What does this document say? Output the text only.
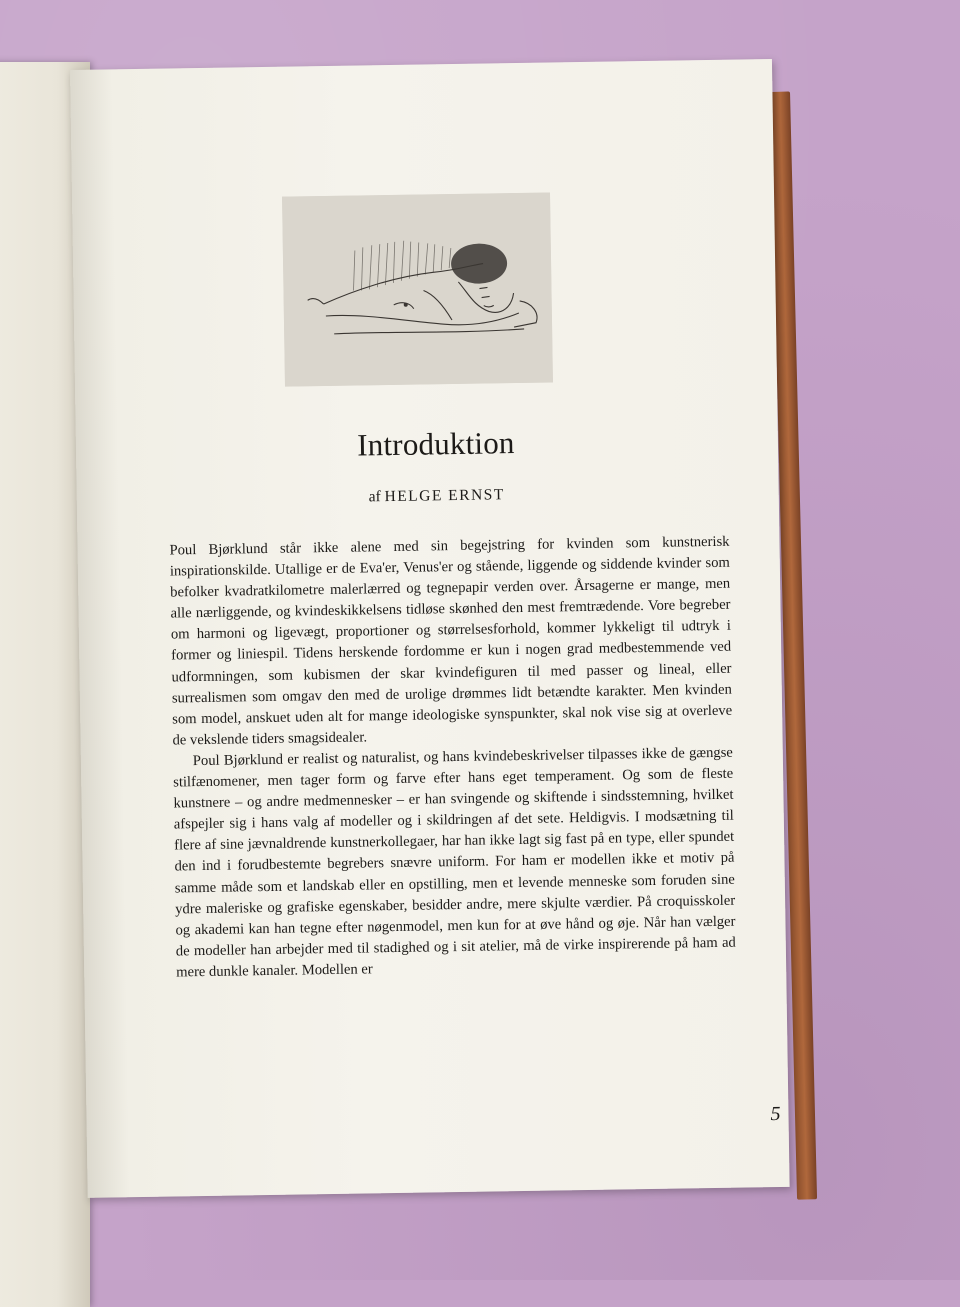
Introduktion
af HELGE ERNST

Poul Bjørklund står ikke alene med sin begejstring for kvinden som kunstnerisk inspirationskilde. Utallige er de Eva'er, Venus'er og stående, liggende og siddende kvinder som befolker kvadratkilometre malerlærred og tegnepapir verden over. Årsagerne er mange, men alle nærliggende, og kvindeskikkelsens tidløse skønhed den mest fremtrædende. Vore begreber om harmoni og ligevægt, proportioner og størrelsesforhold, kommer lykkeligt til udtryk i former og liniespil. Tidens herskende fordomme er kun i nogen grad medbestemmende ved udformningen, som kubismen der skar kvindefiguren til med passer og lineal, eller surrealismen som omgav den med de urolige drømmes lidt betændte karakter. Men kvinden som model, anskuet uden alt for mange ideologiske synspunkter, skal nok vise sig at overleve de vekslende tiders smagsidealer.

Poul Bjørklund er realist og naturalist, og hans kvindebeskrivelser tilpasses ikke de gængse stilfænomener, men tager form og farve efter hans eget temperament. Og som de fleste kunstnere – og andre medmennesker – er han svingende og skiftende i sindsstemning, hvilket afspejler sig i hans valg af modeller og i skildringen af det sete. Heldigvis. I modsætning til flere af sine jævnaldrende kunstnerkollegaer, har han ikke lagt sig fast på en type, eller spundet den ind i forudbestemte begrebers snævre uniform. For ham er modellen ikke et motiv på samme måde som et landskab eller en opstilling, men et levende menneske som foruden sine ydre maleriske og grafiske egenskaber, besidder andre, mere skjulte værdier. På croquisskoler og akademi kan han tegne efter nøgenmodel, men kun for at øve hånd og øje. Når han vælger de modeller han arbejder med til stadighed og i sit atelier, må de virke inspirerende på ham ad mere dunkle kanaler. Modellen er

5
